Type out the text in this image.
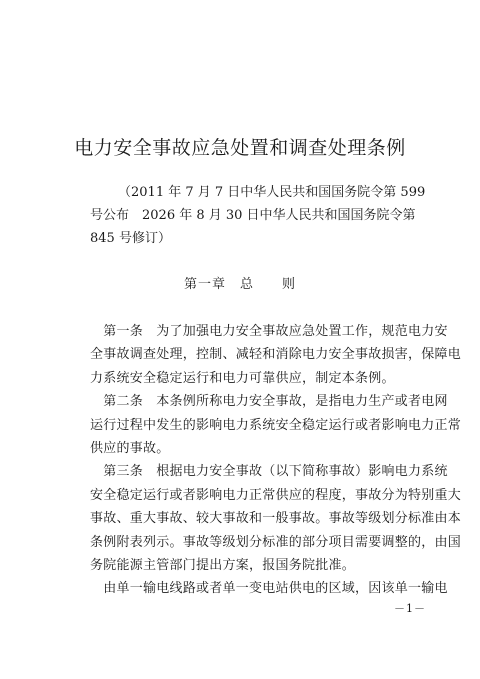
电力安全事故应急处置和调查处理条例
（2011 年 7 月 7 日中华人民共和国国务院令第 599
号公布　2026 年 8 月 30 日中华人民共和国国务院令第
845 号修订）
第一章　总　　则
　第一条　为了加强电力安全事故应急处置工作，规范电力安
全事故调查处理，控制、减轻和消除电力安全事故损害，保障电
力系统安全稳定运行和电力可靠供应，制定本条例。
　第二条　本条例所称电力安全事故，是指电力生产或者电网
运行过程中发生的影响电力系统安全稳定运行或者影响电力正常
供应的事故。
　第三条　根据电力安全事故（以下简称事故）影响电力系统
安全稳定运行或者影响电力正常供应的程度，事故分为特别重大
事故、重大事故、较大事故和一般事故。事故等级划分标准由本
条例附表列示。事故等级划分标准的部分项目需要调整的，由国
务院能源主管部门提出方案，报国务院批准。
　由单一输电线路或者单一变电站供电的区域，因该单一输电
－1－
